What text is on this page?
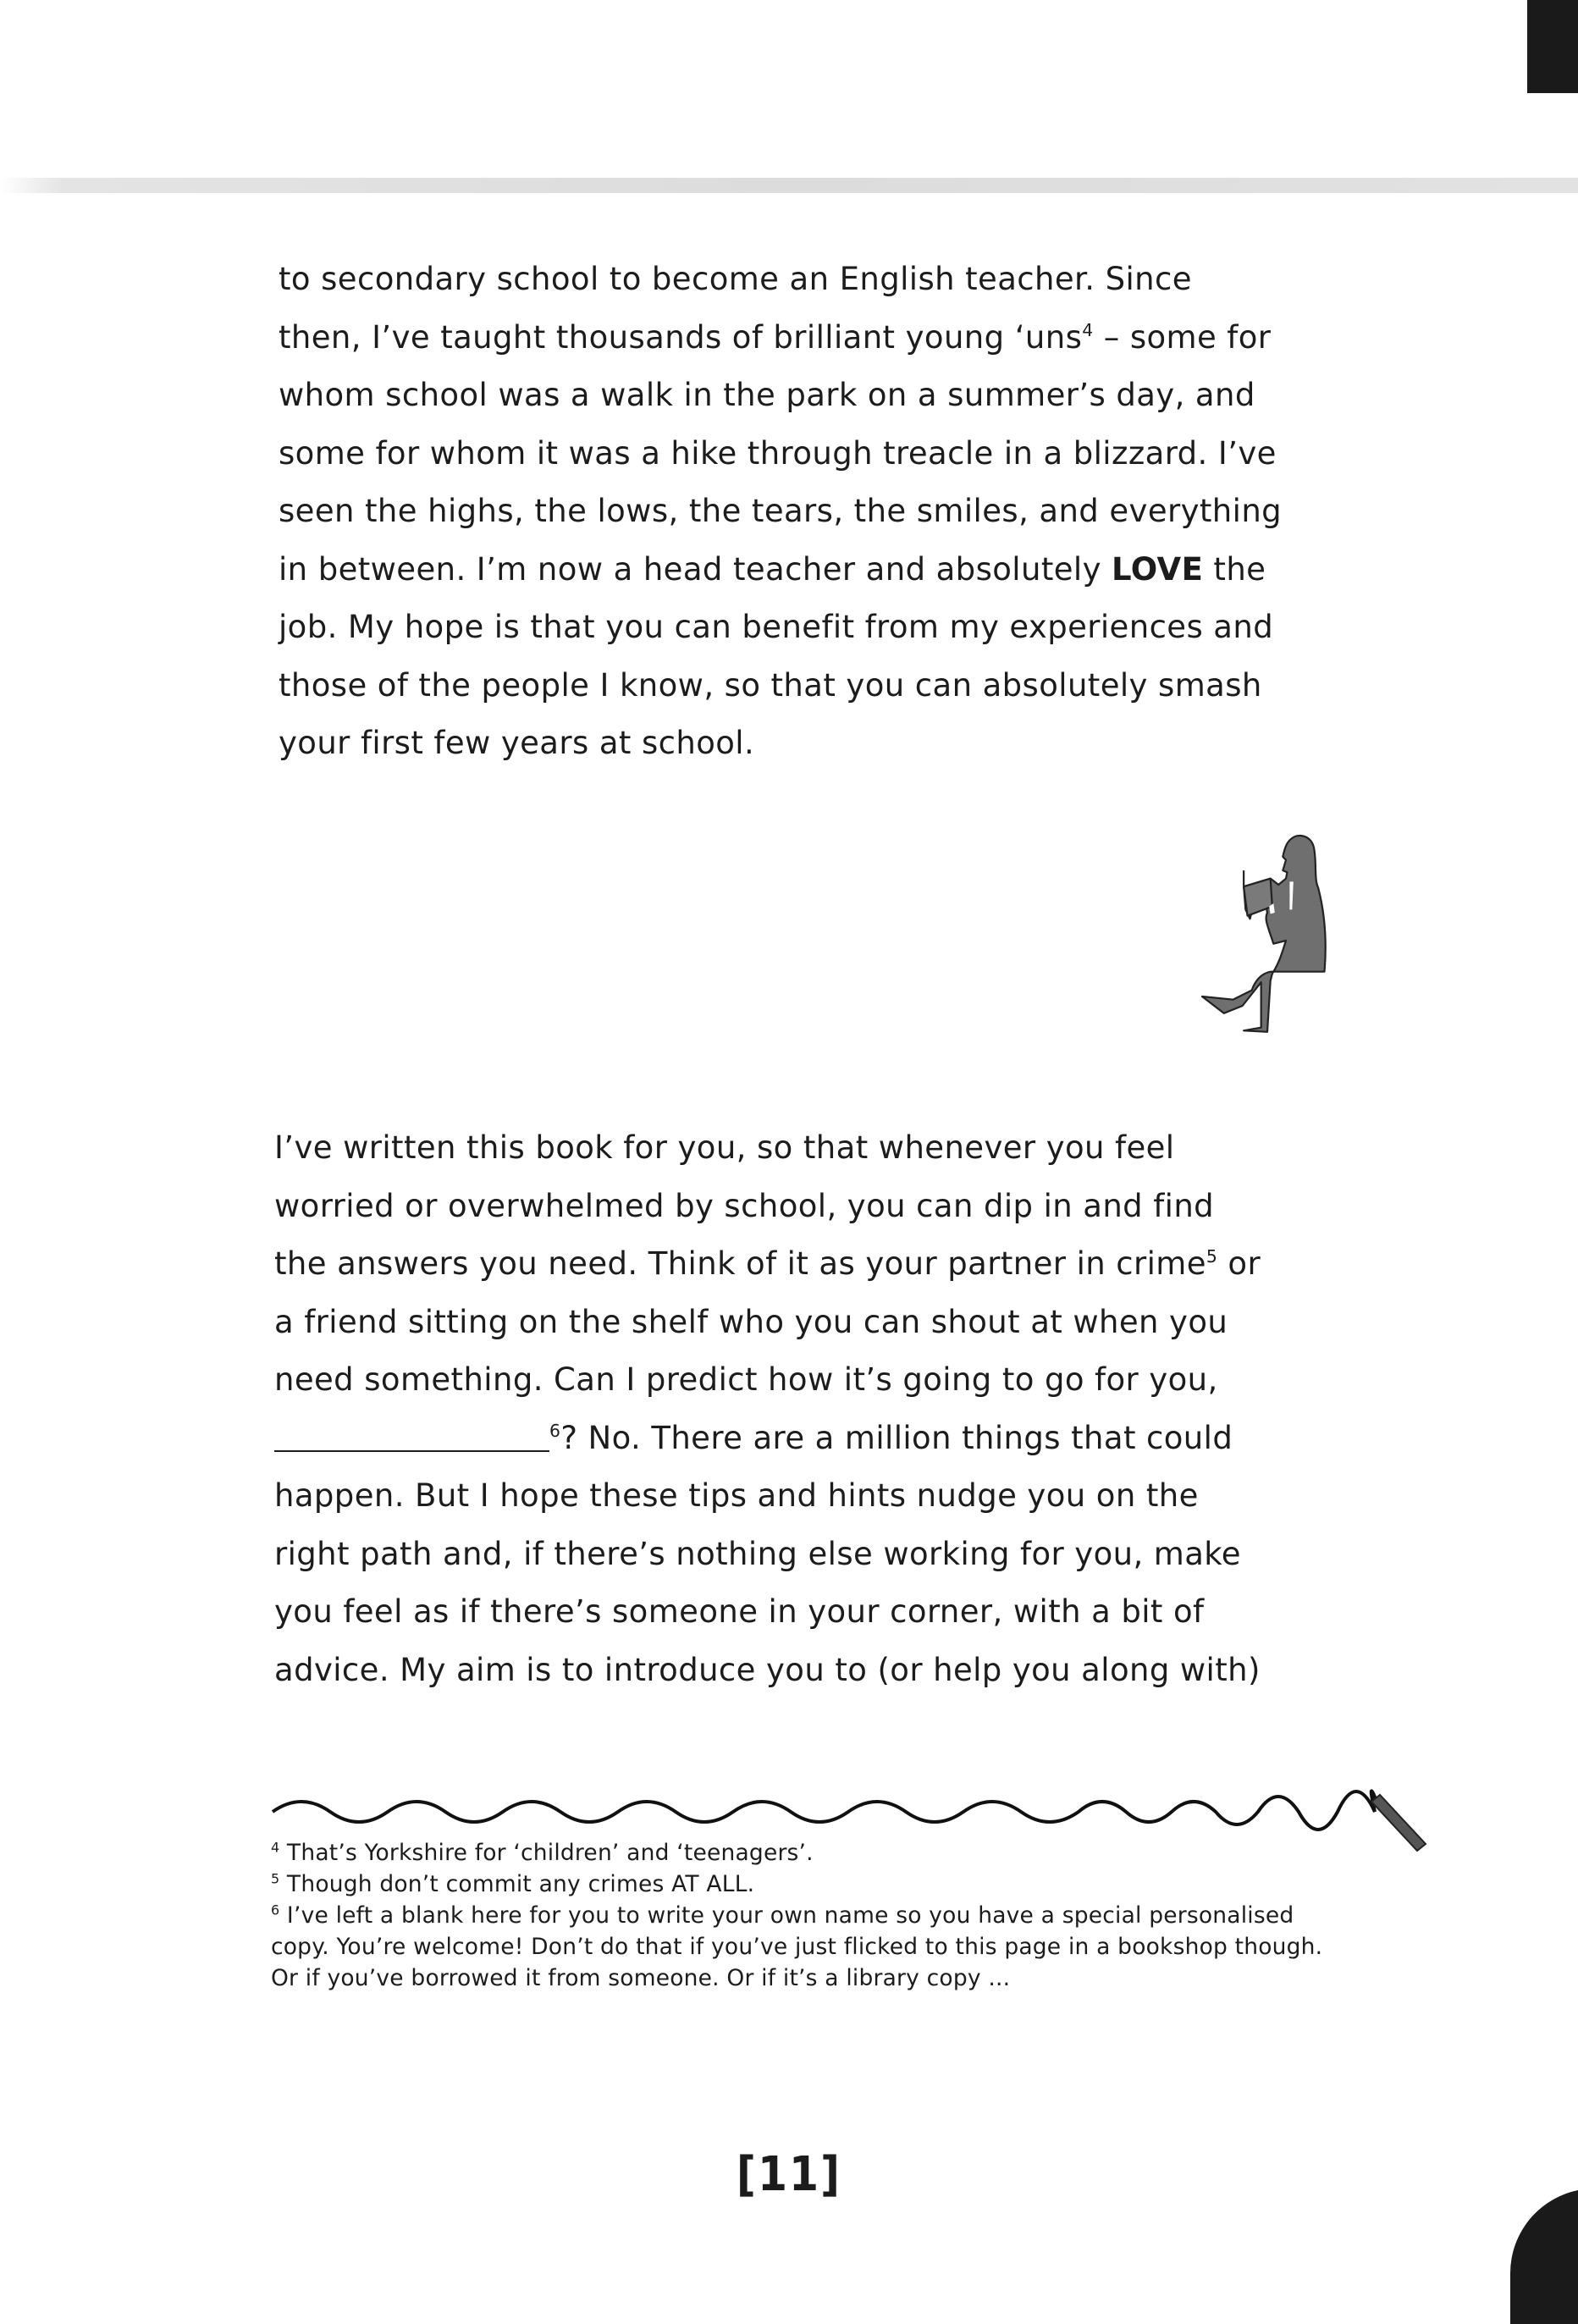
to secondary school to become an English teacher. Since
then, I’ve taught thousands of brilliant young ‘uns$^4$ – some for
whom school was a walk in the park on a summer’s day, and
some for whom it was a hike through treacle in a blizzard. I’ve
seen the highs, the lows, the tears, the smiles, and everything
in between. I’m now a head teacher and absolutely LOVE the
job. My hope is that you can benefit from my experiences and
those of the people I know, so that you can absolutely smash
your first few years at school.
I’ve written this book for you, so that whenever you feel
worried or overwhelmed by school, you can dip in and find
the answers you need. Think of it as your partner in crime$^5$ or
a friend sitting on the shelf who you can shout at when you
need something. Can I predict how it’s going to go for you,
$^6$? No. There are a million things that could
happen. But I hope these tips and hints nudge you on the
right path and, if there’s nothing else working for you, make
you feel as if there’s someone in your corner, with a bit of
advice. My aim is to introduce you to (or help you along with)
$^4$ That’s Yorkshire for ‘children’ and ‘teenagers’.
$^5$ Though don’t commit any crimes AT ALL.
$^6$ I’ve left a blank here for you to write your own name so you have a special personalised copy. You’re welcome! Don’t do that if you’ve just flicked to this page in a bookshop though. Or if you’ve borrowed it from someone. Or if it’s a library copy ...
[11]
